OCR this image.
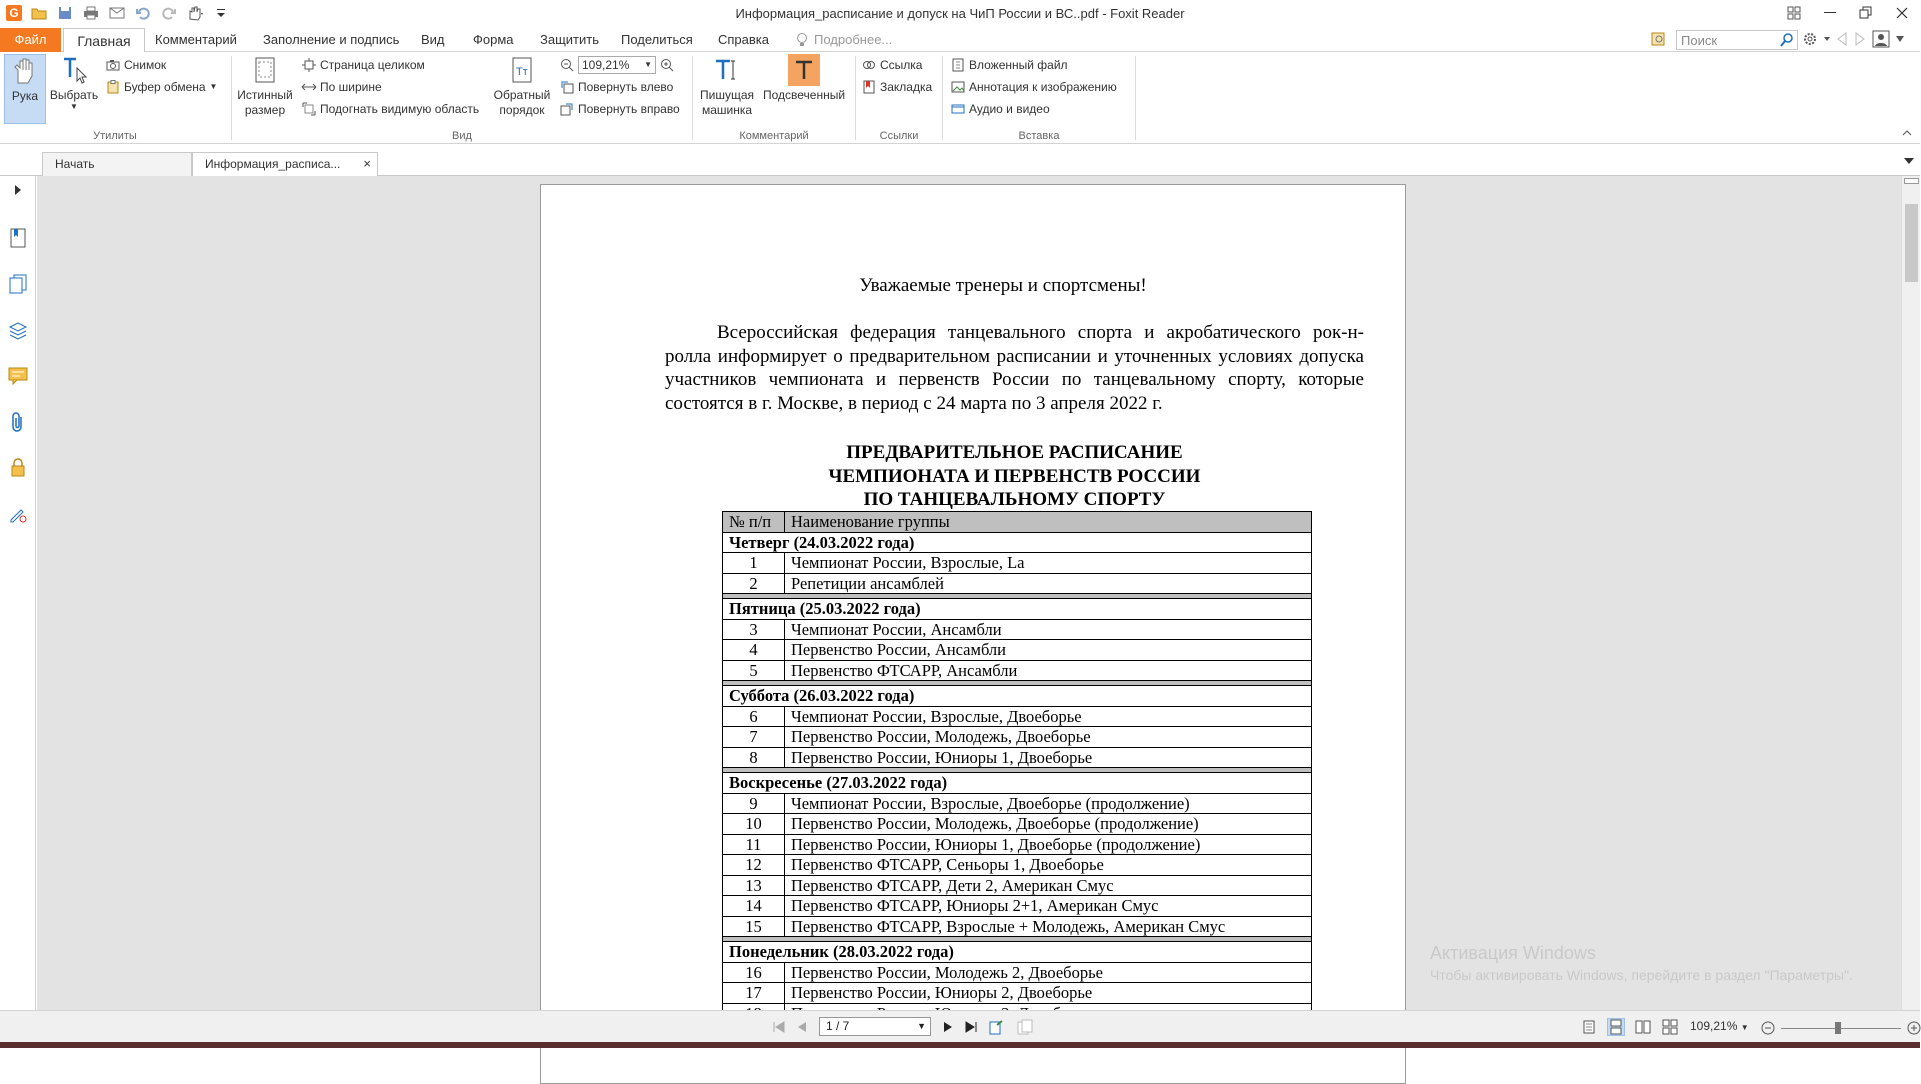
G	Информация_расписание и допуск на ЧиП России и ВС..pdf - Foxit Reader
Файл	Главная	Комментарий	Заполнение и подпись	Вид	Форма	Защитить	Поделиться	Справка	Подробнее...	Поиск
Рука Выбрать
▼
Снимок
Буфер обмена ▼
Утилиты
Истинный размер
Страница целиком
По ширине
Подогнать видимую область
Tт
Обратный порядок
109,21% ▼
Повернуть влево
Повернуть вправо
Вид
Пишущая машинка
Подсвеченный
Комментарий
Ссылка
Закладка
Ссылки
Вложенный файл
Аннотация к изображению
Аудио и видео
Вставка
Начать	Информация_расписа... ×
Уважаемые тренеры и спортсмены!
Всероссийская федерация танцевального спорта и акробатического рок-н-ролла информирует о предварительном расписании и уточненных условиях допуска участников чемпионата и первенств России по танцевальному спорту, которые состоятся в г. Москве, в период с 24 марта по 3 апреля 2022 г.
ПРЕДВАРИТЕЛЬНОЕ РАСПИСАНИЕ
ЧЕМПИОНАТА И ПЕРВЕНСТВ РОССИИ
ПО ТАНЦЕВАЛЬНОМУ СПОРТУ
№ п/п	Наименование группы
Четверг (24.03.2022 года)	
1	Чемпионат России, Взрослые, La
2	Репетиции ансамблей

Пятница (25.03.2022 года)	
3	Чемпионат России, Ансамбли
4	Первенство России, Ансамбли
5	Первенство ФТСАРР, Ансамбли

Суббота (26.03.2022 года)	
6	Чемпионат России, Взрослые, Двоеборье
7	Первенство России, Молодежь, Двоеборье
8	Первенство России, Юниоры 1, Двоеборье

Воскресенье (27.03.2022 года)	
9	Чемпионат России, Взрослые, Двоеборье (продолжение)
10	Первенство России, Молодежь, Двоеборье (продолжение)
11	Первенство России, Юниоры 1, Двоеборье (продолжение)
12	Первенство ФТСАРР, Сеньоры 1, Двоеборье
13	Первенство ФТСАРР, Дети 2, Американ Смус
14	Первенство ФТСАРР, Юниоры 2+1, Американ Смус
15	Первенство ФТСАРР, Взрослые + Молодежь, Американ Смус

Понедельник (28.03.2022 года)	
16	Первенство России, Молодежь 2, Двоеборье
17	Первенство России, Юниоры 2, Двоеборье

Активация Windows
Чтобы активировать Windows, перейдите в раздел "Параметры".
1 / 7	▼	109,21% ▼
